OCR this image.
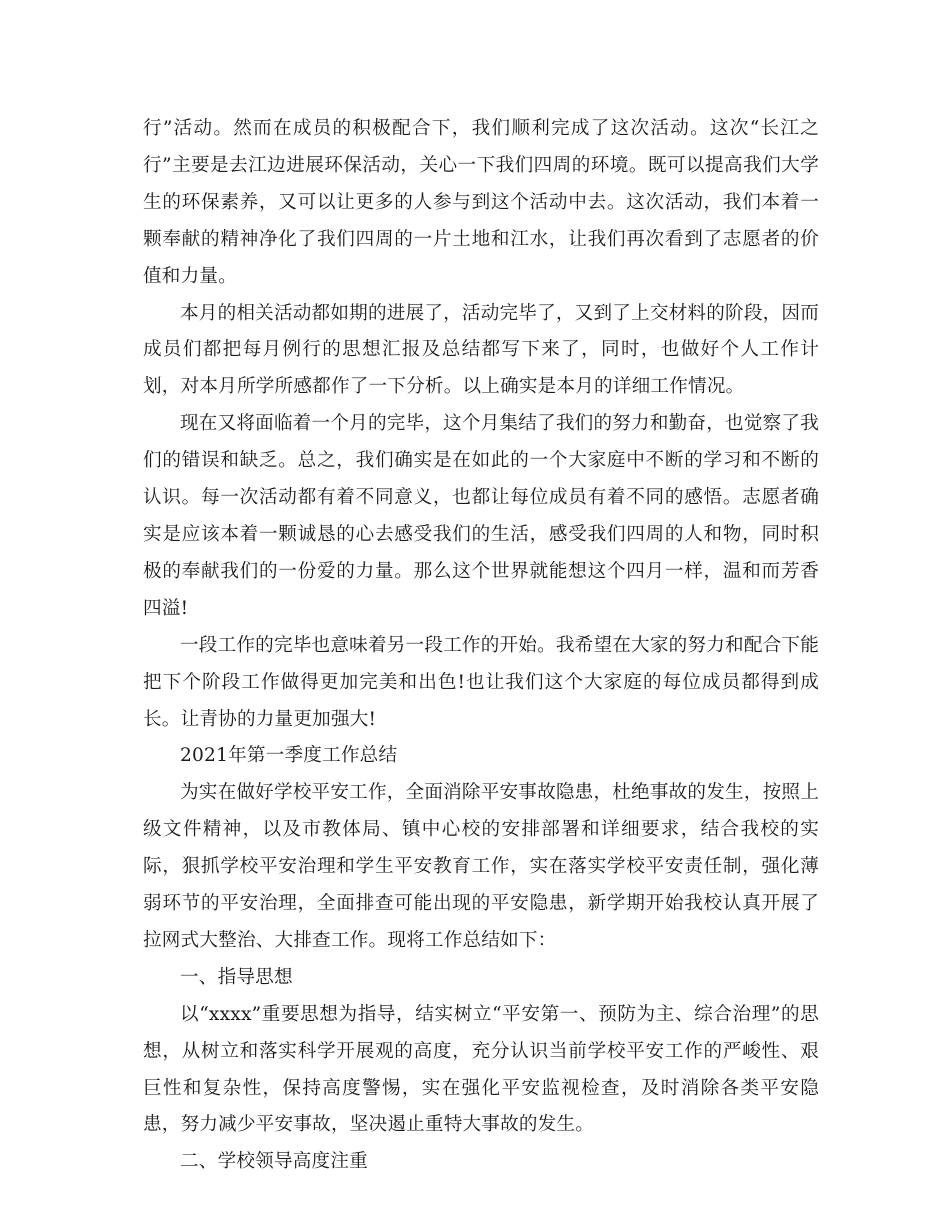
行”活动。然而在成员的积极配合下，我们顺利完成了这次活动。这次“长江之行”主要是去江边进展环保活动，关心一下我们四周的环境。既可以提高我们大学生的环保素养，又可以让更多的人参与到这个活动中去。这次活动，我们本着一颗奉献的精神净化了我们四周的一片土地和江水，让我们再次看到了志愿者的价值和力量。

本月的相关活动都如期的进展了，活动完毕了，又到了上交材料的阶段，因而成员们都把每月例行的思想汇报及总结都写下来了，同时，也做好个人工作计划，对本月所学所感都作了一下分析。以上确实是本月的详细工作情况。

现在又将面临着一个月的完毕，这个月集结了我们的努力和勤奋，也觉察了我们的错误和缺乏。总之，我们确实是在如此的一个大家庭中不断的学习和不断的认识。每一次活动都有着不同意义，也都让每位成员有着不同的感悟。志愿者确实是应该本着一颗诚恳的心去感受我们的生活，感受我们四周的人和物，同时积极的奉献我们的一份爱的力量。那么这个世界就能想这个四月一样，温和而芳香四溢!

一段工作的完毕也意味着另一段工作的开始。我希望在大家的努力和配合下能把下个阶段工作做得更加完美和出色!也让我们这个大家庭的每位成员都得到成长。让青协的力量更加强大!

2021年第一季度工作总结

为实在做好学校平安工作，全面消除平安事故隐患，杜绝事故的发生，按照上级文件精神，以及市教体局、镇中心校的安排部署和详细要求，结合我校的实际，狠抓学校平安治理和学生平安教育工作，实在落实学校平安责任制，强化薄弱环节的平安治理，全面排查可能出现的平安隐患，新学期开始我校认真开展了拉网式大整治、大排查工作。现将工作总结如下：

一、指导思想

以“xxxx”重要思想为指导，结实树立“平安第一、预防为主、综合治理”的思想，从树立和落实科学开展观的高度，充分认识当前学校平安工作的严峻性、艰巨性和复杂性，保持高度警惕，实在强化平安监视检查，及时消除各类平安隐患，努力减少平安事故，坚决遏止重特大事故的发生。

二、学校领导高度注重
